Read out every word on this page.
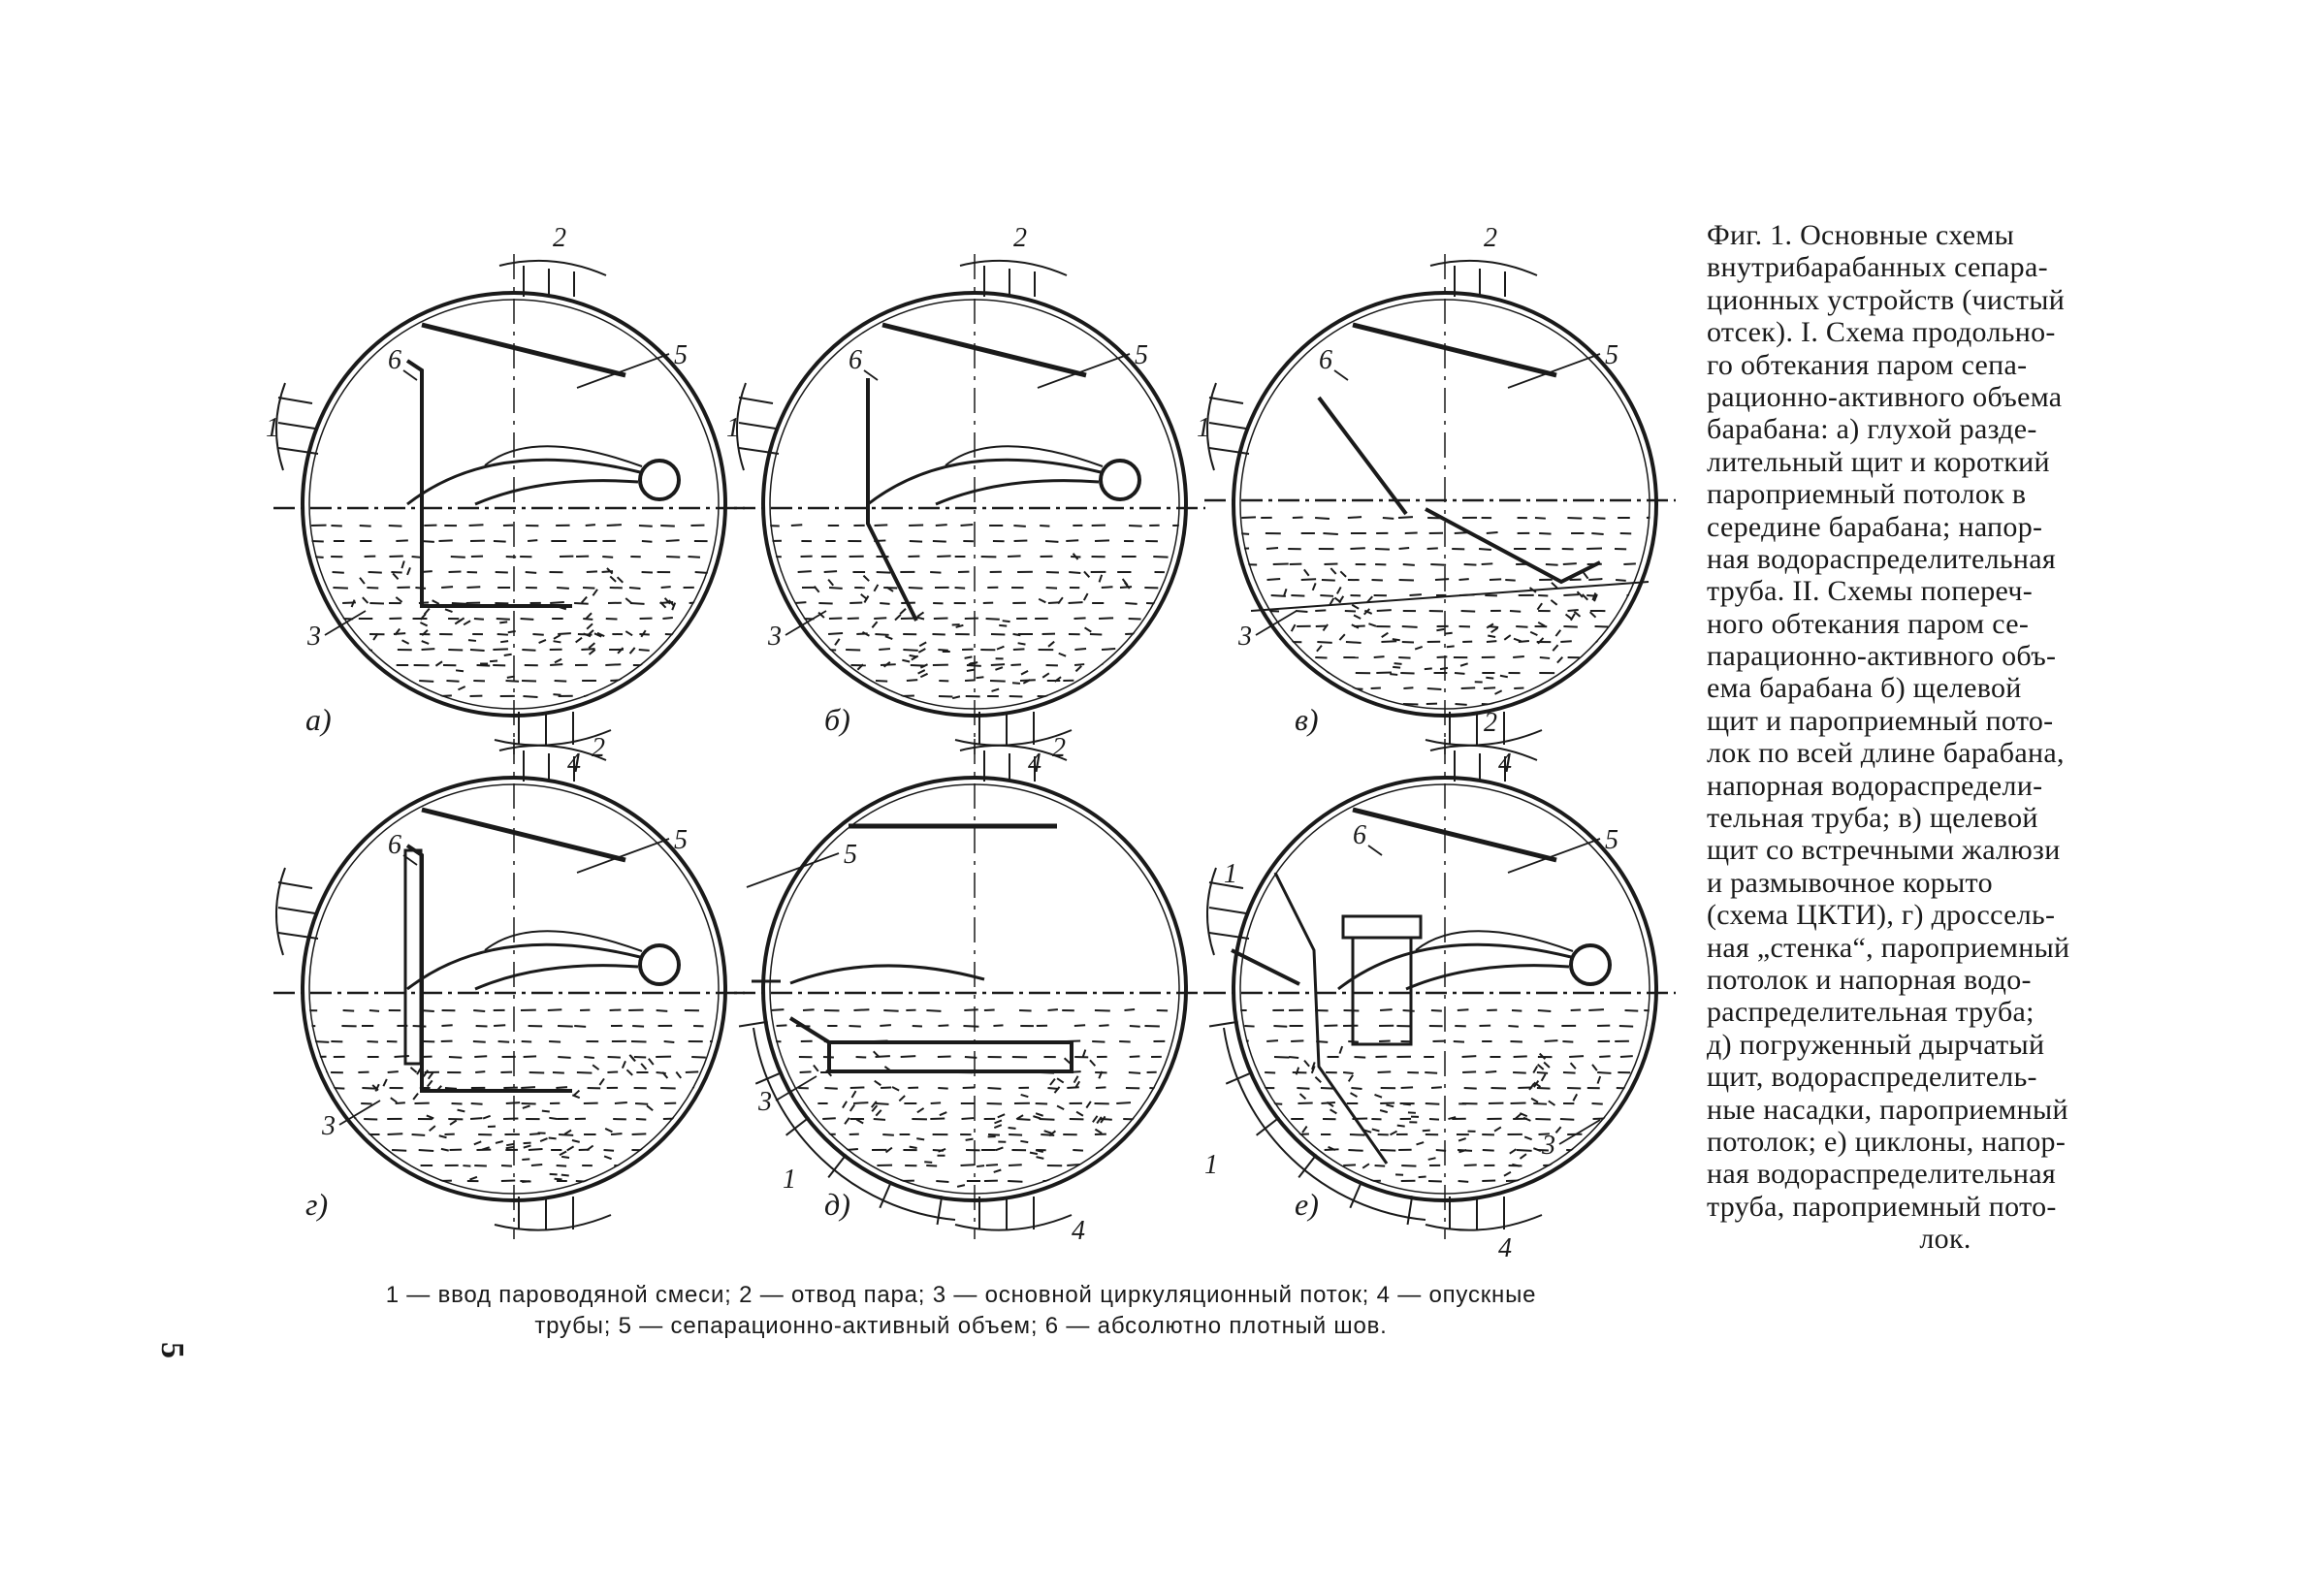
1
2
3
4
5
6
а)
1
2
3
4
5
6
б)
1
2
3
4
5
6
в)
2
3
5
6
г)
1
2
3
4
5
д)
1
2
3
4
5
6
1
е)
Фиг. 1. Основные схемы
внутрибарабанных сепара-
ционных устройств (чистый
отсек). I. Схема продольно-
го обтекания паром сепа-
рационно-активного объема
барабана: а) глухой разде-
лительный щит и короткий
пароприемный потолок в
середине барабана; напор-
ная водораспределительная
труба. II. Схемы попереч-
ного обтекания паром се-
парационно-активного объ-
ема барабана б) щелевой
щит и пароприемный пото-
лок по всей длине барабана,
напорная водораспредели-
тельная труба; в) щелевой
щит со встречными жалюзи
и размывочное корыто
(схема ЦКТИ), г) дроссель-
ная „стенка“, пароприемный
потолок и напорная водо-
распределительная труба;
д) погруженный дырчатый
щит, водораспределитель-
ные насадки, пароприемный
потолок; е) циклоны, напор-
ная водораспределительная
труба, пароприемный пото-
лок.
1 — ввод пароводяной смеси; 2 — отвод пара; 3 — основной циркуляционный поток; 4 — опускные
трубы; 5 — сепарационно-активный объем; 6 — абсолютно плотный шов.
5
